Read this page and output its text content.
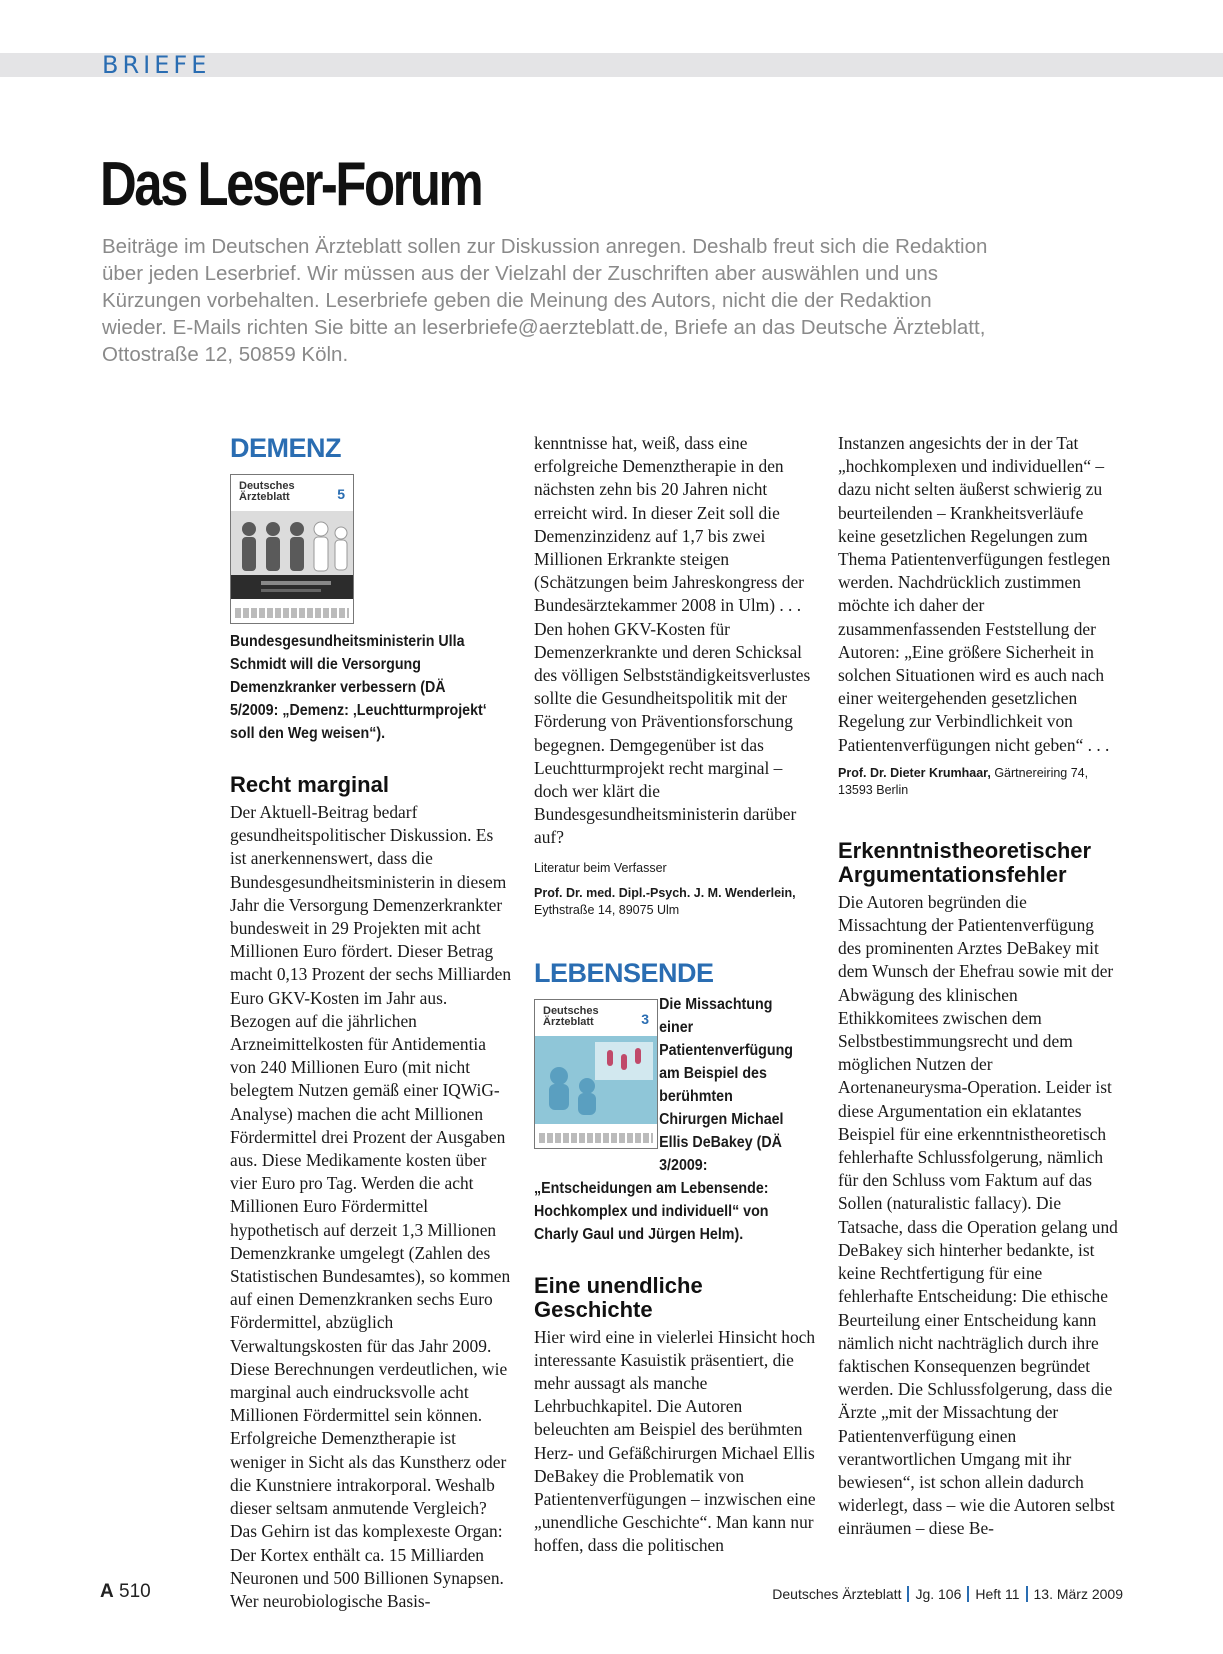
BRIEFE
Das Leser-Forum

Beiträge im Deutschen Ärzteblatt sollen zur Diskussion anregen. Deshalb freut sich die Redaktion über jeden Leserbrief. Wir müssen aus der Vielzahl der Zuschriften aber auswählen und uns Kürzungen vorbehalten. Leserbriefe geben die Meinung des Autors, nicht die der Redaktion wieder. E-Mails richten Sie bitte an leserbriefe@aerzteblatt.de, Briefe an das Deutsche Ärzteblatt, Ottostraße 12, 50859 Köln.

DEMENZ
Deutsches Ärzteblatt	5

Bundesgesundheitsministerin Ulla Schmidt will die Versorgung Demenzkranker verbessern (DÄ 5/2009: „Demenz: ‚Leuchtturmprojekt‘ soll den Weg weisen“).

Recht marginal

Der Aktuell-Beitrag bedarf gesundheitspolitischer Diskussion. Es ist anerkennenswert, dass die Bundesgesundheitsministerin in diesem Jahr die Versorgung Demenzerkrankter bundesweit in 29 Projekten mit acht Millionen Euro fördert. Dieser Betrag macht 0,13 Prozent der sechs Milliarden Euro GKV-Kosten im Jahr aus. Bezogen auf die jährlichen Arzneimittelkosten für Antidementia von 240 Millionen Euro (mit nicht belegtem Nutzen gemäß einer IQWiG-Analyse) machen die acht Millionen Fördermittel drei Prozent der Ausgaben aus. Diese Medikamente kosten über vier Euro pro Tag. Werden die acht Millionen Euro Fördermittel hypothetisch auf derzeit 1,3 Millionen Demenzkranke umgelegt (Zahlen des Statistischen Bundesamtes), so kommen auf einen Demenzkranken sechs Euro Fördermittel, abzüglich Verwaltungskosten für das Jahr 2009. Diese Berechnungen verdeutlichen, wie marginal auch eindrucksvolle acht Millionen Fördermittel sein können. Erfolgreiche Demenztherapie ist weniger in Sicht als das Kunstherz oder die Kunstniere intrakorporal. Weshalb dieser seltsam anmutende Vergleich? Das Gehirn ist das komplexeste Organ: Der Kortex enthält ca. 15 Milliarden Neuronen und 500 Billionen Synapsen. Wer neurobiologische Basis-

kenntnisse hat, weiß, dass eine erfolgreiche Demenztherapie in den nächsten zehn bis 20 Jahren nicht erreicht wird. In dieser Zeit soll die Demenzinzidenz auf 1,7 bis zwei Millionen Erkrankte steigen (Schätzungen beim Jahreskongress der Bundesärztekammer 2008 in Ulm) . . . Den hohen GKV-Kosten für Demenzerkrankte und deren Schicksal des völligen Selbstständigkeitsverlustes sollte die Gesundheitspolitik mit der Förderung von Präventionsforschung begegnen. Demgegenüber ist das Leuchtturmprojekt recht marginal – doch wer klärt die Bundesgesundheitsministerin darüber auf?

Literatur beim Verfasser

Prof. Dr. med. Dipl.-Psych. J. M. Wenderlein,
Eythstraße 14, 89075 Ulm

LEBENSENDE
Deutsches Ärzteblatt	3

Die Missachtung einer Patientenverfügung am Beispiel des berühmten Chirurgen Michael Ellis DeBakey (DÄ 3/2009: „Entscheidungen am Lebensende: Hochkomplex und individuell“ von Charly Gaul und Jürgen Helm).

Eine unendliche Geschichte

Hier wird eine in vielerlei Hinsicht hoch interessante Kasuistik präsentiert, die mehr aussagt als manche Lehrbuchkapitel. Die Autoren beleuchten am Beispiel des berühmten Herz- und Gefäßchirurgen Michael Ellis DeBakey die Problematik von Patientenverfügungen – inzwischen eine „unendliche Geschichte“. Man kann nur hoffen, dass die politischen

Instanzen angesichts der in der Tat „hochkomplexen und individuellen“ – dazu nicht selten äußerst schwierig zu beurteilenden – Krankheitsverläufe keine gesetzlichen Regelungen zum Thema Patientenverfügungen festlegen werden. Nachdrücklich zustimmen möchte ich daher der zusammenfassenden Feststellung der Autoren: „Eine größere Sicherheit in solchen Situationen wird es auch nach einer weitergehenden gesetzlichen Regelung zur Verbindlichkeit von Patientenverfügungen nicht geben“ . . .

Prof. Dr. Dieter Krumhaar, Gärtnereiring 74, 13593 Berlin

Erkenntnistheoretischer Argumentationsfehler

Die Autoren begründen die Missachtung der Patientenverfügung des prominenten Arztes DeBakey mit dem Wunsch der Ehefrau sowie mit der Abwägung des klinischen Ethikkomitees zwischen dem Selbstbestimmungsrecht und dem möglichen Nutzen der Aortenaneurysma-Operation. Leider ist diese Argumentation ein eklatantes Beispiel für eine erkenntnistheoretisch fehlerhafte Schlussfolgerung, nämlich für den Schluss vom Faktum auf das Sollen (naturalistic fallacy). Die Tatsache, dass die Operation gelang und DeBakey sich hinterher bedankte, ist keine Rechtfertigung für eine fehlerhafte Entscheidung: Die ethische Beurteilung einer Entscheidung kann nämlich nicht nachträglich durch ihre faktischen Konsequenzen begründet werden. Die Schlussfolgerung, dass die Ärzte „mit der Missachtung der Patientenverfügung einen verantwortlichen Umgang mit ihr bewiesen“, ist schon allein dadurch widerlegt, dass – wie die Autoren selbst einräumen – diese Be-

A 510	Deutsches Ärzteblatt Jg. 106 Heft 11 13. März 2009
